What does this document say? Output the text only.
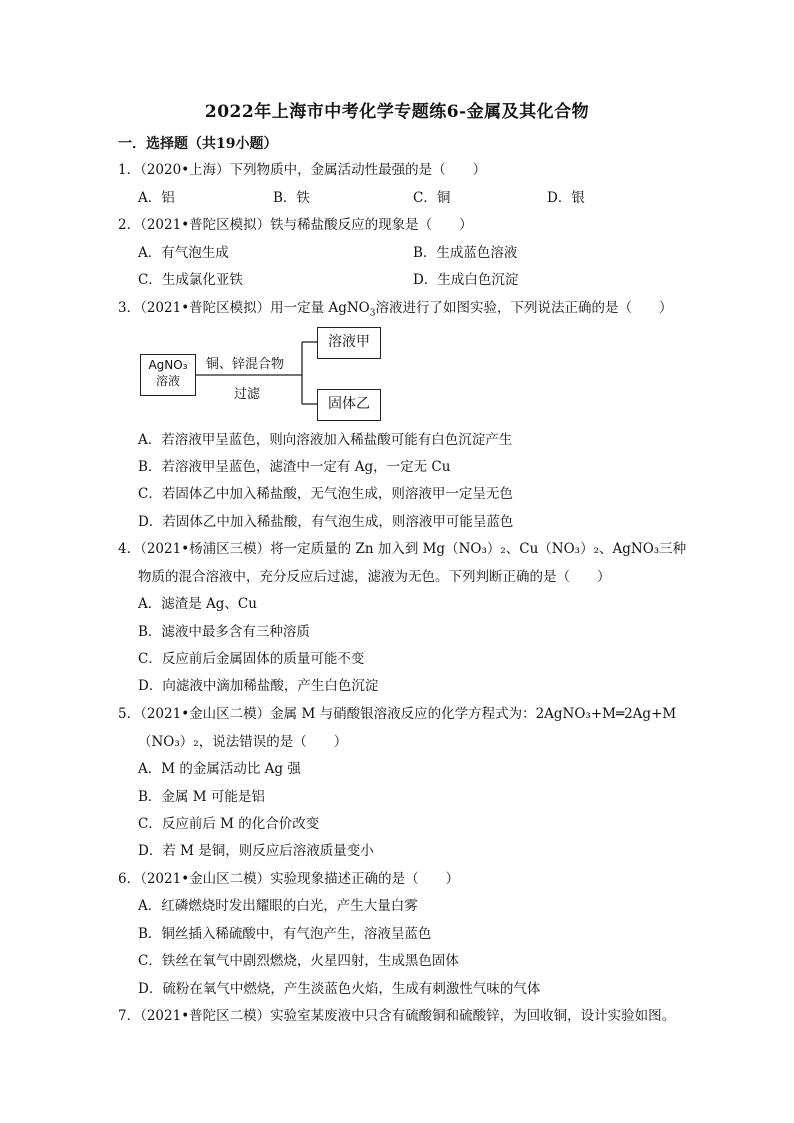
2022年上海市中考化学专题练6-金属及其化合物
一．选择题（共19小题）
1．（2020•上海）下列物质中，金属活动性最强的是（　　）
A．铝	B．铁	C．铜	D．银
2．（2021•普陀区模拟）铁与稀盐酸反应的现象是（　　）
A．有气泡生成	B．生成蓝色溶液
C．生成氯化亚铁	D．生成白色沉淀
3．（2021•普陀区模拟）用一定量 AgNO$_3$溶液进行了如图实验，下列说法正确的是（　　）
AgNO₃
溶液
铜、锌混合物
过滤
溶液甲
固体乙
A．若溶液甲呈蓝色，则向溶液加入稀盐酸可能有白色沉淀产生
B．若溶液甲呈蓝色，滤渣中一定有 Ag，一定无 Cu
C．若固体乙中加入稀盐酸，无气泡生成，则溶液甲一定呈无色
D．若固体乙中加入稀盐酸，有气泡生成，则溶液甲可能呈蓝色
4．（2021•杨浦区三模）将一定质量的 Zn 加入到 Mg（NO₃）₂、Cu（NO₃）₂、AgNO₃三种
物质的混合溶液中，充分反应后过滤，滤液为无色。下列判断正确的是（　　）
A．滤渣是 Ag、Cu
B．滤液中最多含有三种溶质
C．反应前后金属固体的质量可能不变
D．向滤液中滴加稀盐酸，产生白色沉淀
5．（2021•金山区二模）金属 M 与硝酸银溶液反应的化学方程式为：2AgNO₃+M═2Ag+M
（NO₃）₂，说法错误的是（　　）
A．M 的金属活动比 Ag 强
B．金属 M 可能是铝
C．反应前后 M 的化合价改变
D．若 M 是铜，则反应后溶液质量变小
6．（2021•金山区二模）实验现象描述正确的是（　　）
A．红磷燃烧时发出耀眼的白光，产生大量白雾
B．铜丝插入稀硫酸中，有气泡产生，溶液呈蓝色
C．铁丝在氧气中剧烈燃烧，火星四射，生成黑色固体
D．硫粉在氧气中燃烧，产生淡蓝色火焰，生成有刺激性气味的气体
7．（2021•普陀区二模）实验室某废液中只含有硫酸铜和硫酸锌，为回收铜，设计实验如图。
